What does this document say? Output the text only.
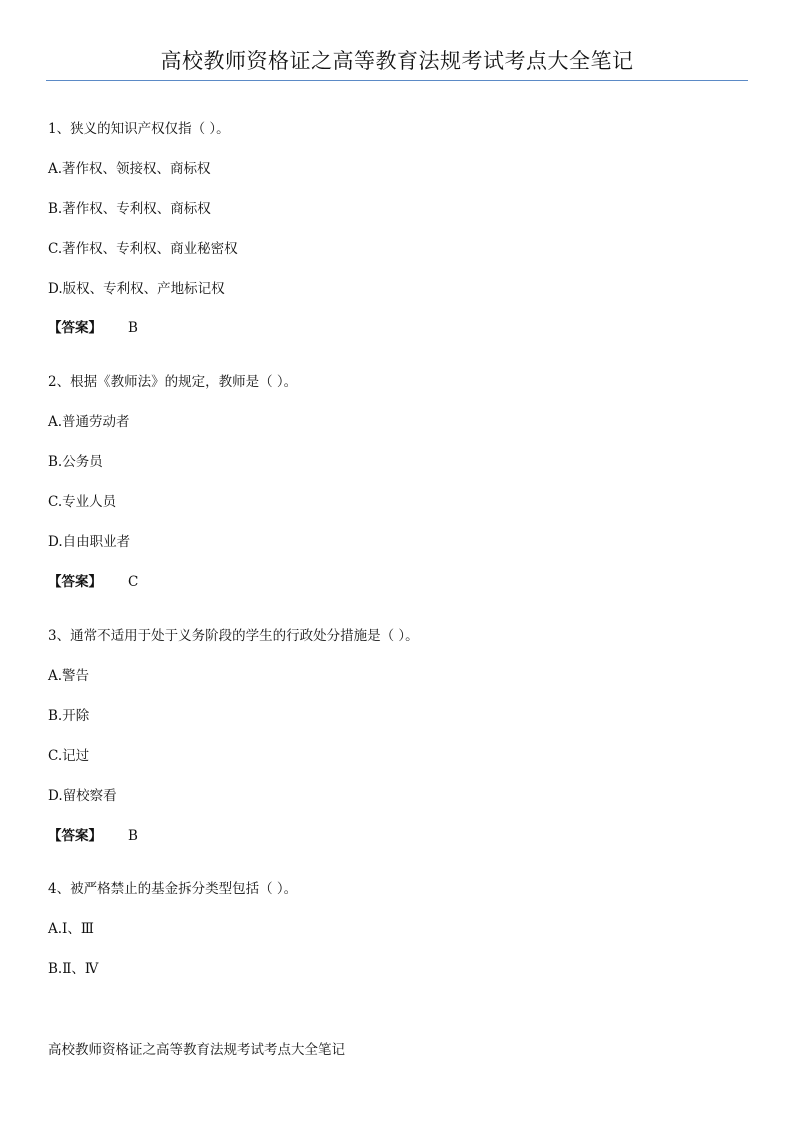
高校教师资格证之高等教育法规考试考点大全笔记
1、狭义的知识产权仅指（ ）。
A.著作权、领接权、商标权
B.著作权、专利权、商标权
C.著作权、专利权、商业秘密权
D.版权、专利权、产地标记权
【答案】 B
2、根据《教师法》的规定，教师是（ ）。
A.普通劳动者
B.公务员
C.专业人员
D.自由职业者
【答案】 C
3、通常不适用于处于义务阶段的学生的行政处分措施是（ ）。
A.警告
B.开除
C.记过
D.留校察看
【答案】 B
4、被严格禁止的基金拆分类型包括（ ）。
A.Ⅰ、Ⅲ
B.Ⅱ、Ⅳ
高校教师资格证之高等教育法规考试考点大全笔记
